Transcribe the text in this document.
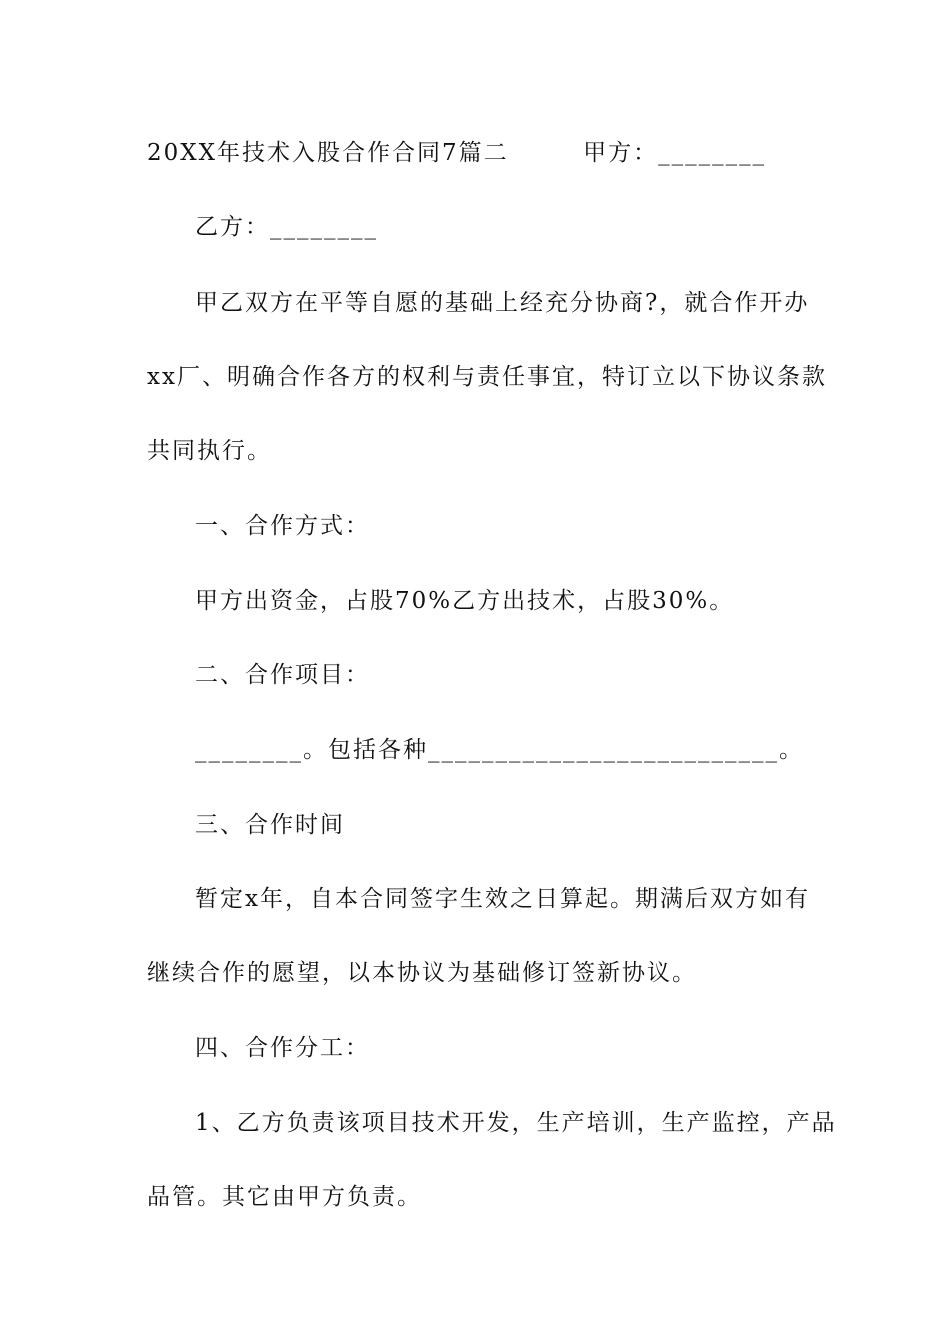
20XX年技术入股合作合同7篇二        甲方：________
乙方：________
甲乙双方在平等自愿的基础上经充分协商?，就合作开办
xx厂、明确合作各方的权利与责任事宜，特订立以下协议条款
共同执行。
一、合作方式：
甲方出资金，占股70%乙方出技术，占股30%。
二、合作项目：
________。包括各种__________________________。
三、合作时间
暂定x年，自本合同签字生效之日算起。期满后双方如有
继续合作的愿望，以本协议为基础修订签新协议。
四、合作分工：
1、乙方负责该项目技术开发，生产培训，生产监控，产品
品管。其它由甲方负责。
